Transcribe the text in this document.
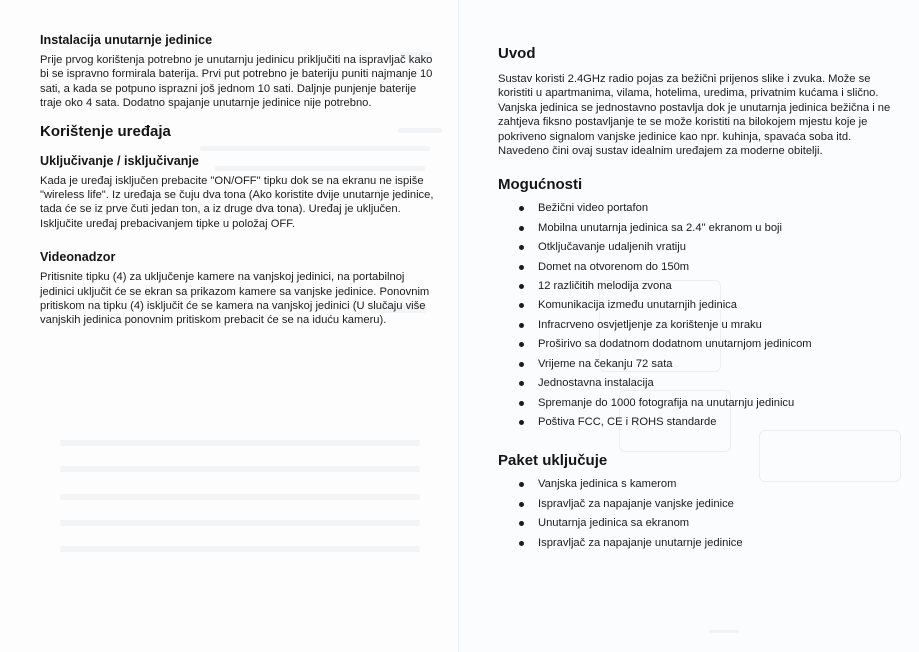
Instalacija unutarnje jedinice

Prije prvog korištenja potrebno je unutarnju jedinicu priključiti na ispravljač kako bi se ispravno formirala baterija. Prvi put potrebno je bateriju puniti najmanje 10 sati, a kada se potpuno isprazni još jednom 10 sati. Daljnje punjenje baterije traje oko 4 sata. Dodatno spajanje unutarnje jedinice nije potrebno.

Korištenje uređaja
Uključivanje / isključivanje

Kada je uređaj isključen prebacite "ON/OFF" tipku dok se na ekranu ne ispiše "wireless life". Iz uređaja se čuju dva tona (Ako koristite dvije unutarnje jedinice, tada će se iz prve čuti jedan ton, a iz druge dva tona). Uređaj je uključen. Isključite uređaj prebacivanjem tipke u položaj OFF.

Videonadzor

Pritisnite tipku (4) za uključenje kamere na vanjskoj jedinici, na portabilnoj jedinici uključit će se ekran sa prikazom kamere sa vanjske jedinice. Ponovnim pritiskom na tipku (4) isključit će se kamera na vanjskoj jedinici (U slučaju više vanjskih jedinica ponovnim pritiskom prebacit će se na iduću kameru).

Uvod

Sustav koristi 2.4GHz radio pojas za bežični prijenos slike i zvuka. Može se koristiti u apartmanima, vilama, hotelima, uredima, privatnim kućama i slično. Vanjska jedinica se jednostavno postavlja dok je unutarnja jedinica bežična i ne zahtjeva fiksno postavljanje te se može koristiti na bilokojem mjestu koje je pokriveno signalom vanjske jedinice kao npr. kuhinja, spavaća soba itd. Navedeno čini ovaj sustav idealnim uređajem za moderne obitelji.

Mogućnosti
Bežični video portafon
Mobilna unutarnja jedinica sa 2.4" ekranom u boji
Otključavanje udaljenih vratiju
Domet na otvorenom do 150m
12 različitih melodija zvona
Komunikacija između unutarnjih jedinica
Infracrveno osvjetljenje za korištenje u mraku
Proširivo sa dodatnom dodatnom unutarnjom jedinicom
Vrijeme na čekanju 72 sata
Jednostavna instalacija
Spremanje do 1000 fotografija na unutarnju jedinicu
Poštiva FCC, CE i ROHS standarde
Paket uključuje
Vanjska jedinica s kamerom
Ispravljač za napajanje vanjske jedinice
Unutarnja jedinica sa ekranom
Ispravljač za napajanje unutarnje jedinice
